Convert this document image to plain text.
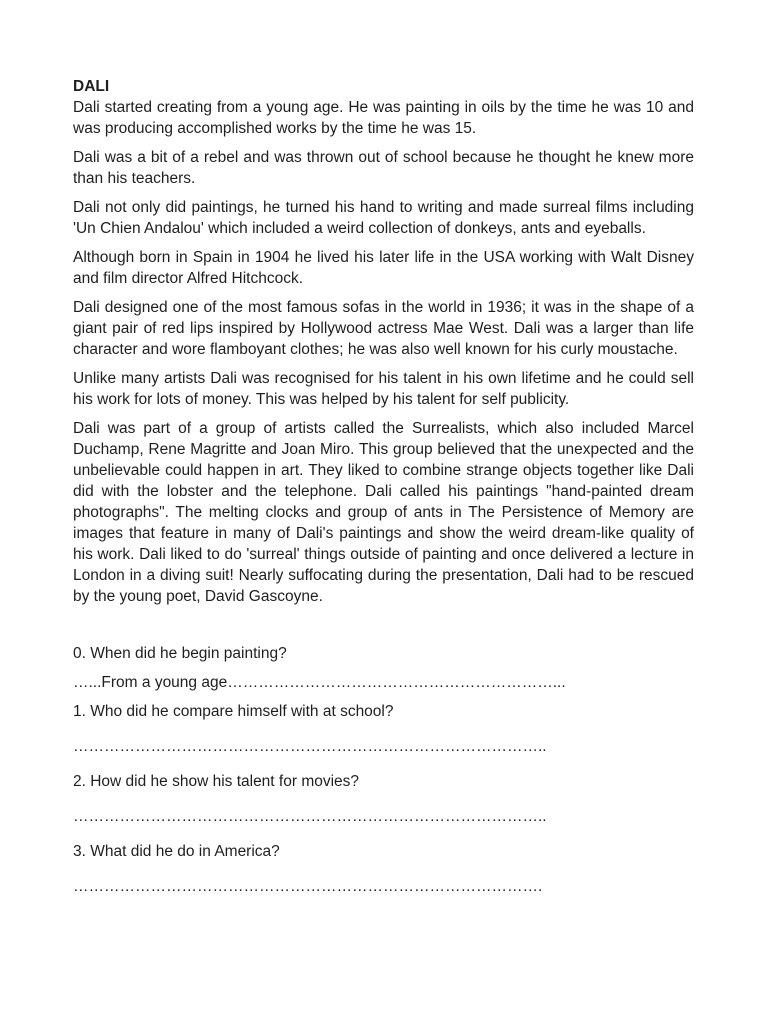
DALI

Dali started creating from a young age. He was painting in oils by the time he was 10 and was producing accomplished works by the time he was 15.

Dali was a bit of a rebel and was thrown out of school because he thought he knew more than his teachers.

Dali not only did paintings, he turned his hand to writing and made surreal films including 'Un Chien Andalou' which included a weird collection of donkeys, ants and eyeballs.

Although born in Spain in 1904 he lived his later life in the USA working with Walt Disney and film director Alfred Hitchcock.

Dali designed one of the most famous sofas in the world in 1936; it was in the shape of a giant pair of red lips inspired by Hollywood actress Mae West. Dali was a larger than life character and wore flamboyant clothes; he was also well known for his curly moustache.

Unlike many artists Dali was recognised for his talent in his own lifetime and he could sell his work for lots of money. This was helped by his talent for self publicity.

Dali was part of a group of artists called the Surrealists, which also included Marcel Duchamp, Rene Magritte and Joan Miro. This group believed that the unexpected and the unbelievable could happen in art. They liked to combine strange objects together like Dali did with the lobster and the telephone. Dali called his paintings "hand-painted dream photographs". The melting clocks and group of ants in The Persistence of Memory are images that feature in many of Dali's paintings and show the weird dream-like quality of his work. Dali liked to do 'surreal' things outside of painting and once delivered a lecture in London in a diving suit! Nearly suffocating during the presentation, Dali had to be rescued by the young poet, David Gascoyne.

0. When did he begin painting?

…...From a young age………………………………………………………...

1. Who did he compare himself with at school?

………………………………………………………………………………..

2. How did he show his talent for movies?

………………………………………………………………………………..

3. What did he do in America?

……………………………………………………………………………….
